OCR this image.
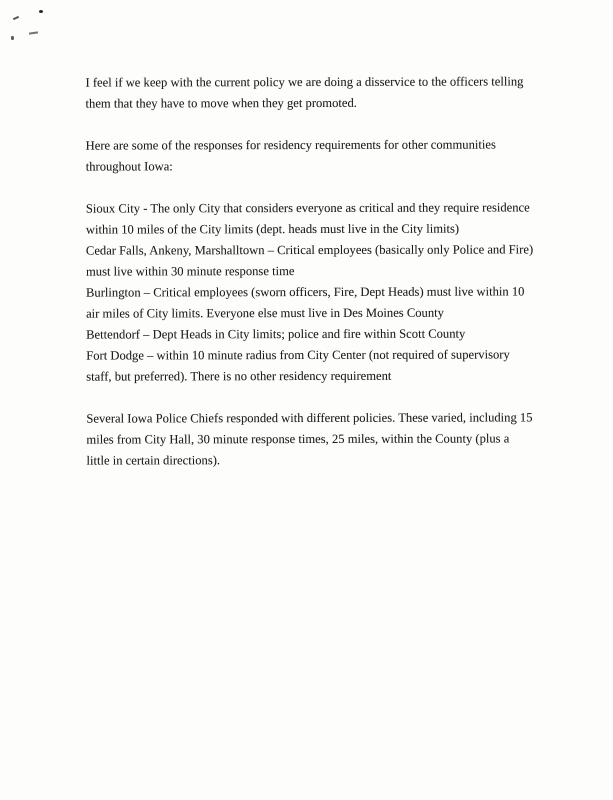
I feel if we keep with the current policy we are doing a disservice to the officers telling them that they have to move when they get promoted.

Here are some of the responses for residency requirements for other communities throughout Iowa:

Sioux City - The only City that considers everyone as critical and they require residence within 10 miles of the City limits (dept. heads must live in the City limits)
Cedar Falls, Ankeny, Marshalltown – Critical employees (basically only Police and Fire) must live within 30 minute response time
Burlington – Critical employees (sworn officers, Fire, Dept Heads) must live within 10 air miles of City limits. Everyone else must live in Des Moines County
Bettendorf – Dept Heads in City limits; police and fire within Scott County
Fort Dodge – within 10 minute radius from City Center (not required of supervisory staff, but preferred). There is no other residency requirement

Several Iowa Police Chiefs responded with different policies. These varied, including 15 miles from City Hall, 30 minute response times, 25 miles, within the County (plus a little in certain directions).
